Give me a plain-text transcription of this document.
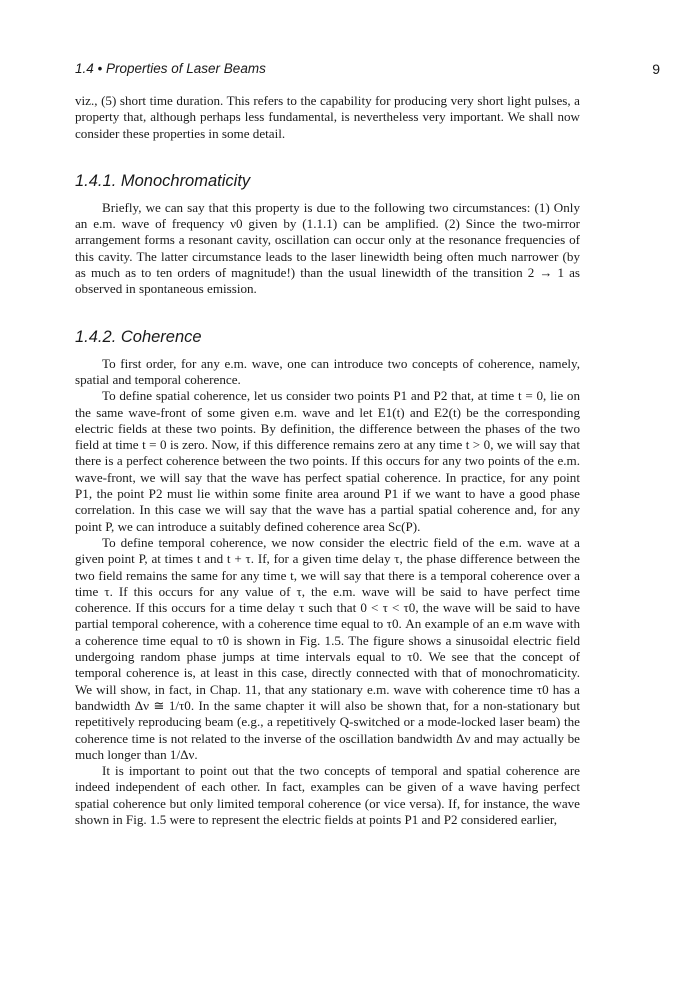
1.4 • Properties of Laser Beams	9

viz., (5) short time duration. This refers to the capability for producing very short light pulses, a property that, although perhaps less fundamental, is nevertheless very important. We shall now consider these properties in some detail.

1.4.1. Monochromaticity

Briefly, we can say that this property is due to the following two circumstances: (1) Only an e.m. wave of frequency ν0 given by (1.1.1) can be amplified. (2) Since the two-mirror arrangement forms a resonant cavity, oscillation can occur only at the resonance frequencies of this cavity. The latter circumstance leads to the laser linewidth being often much narrower (by as much as to ten orders of magnitude!) than the usual linewidth of the transition 2 → 1 as observed in spontaneous emission.

1.4.2. Coherence

To first order, for any e.m. wave, one can introduce two concepts of coherence, namely, spatial and temporal coherence.

To define spatial coherence, let us consider two points P1 and P2 that, at time t = 0, lie on the same wave-front of some given e.m. wave and let E1(t) and E2(t) be the corresponding electric fields at these two points. By definition, the difference between the phases of the two field at time t = 0 is zero. Now, if this difference remains zero at any time t > 0, we will say that there is a perfect coherence between the two points. If this occurs for any two points of the e.m. wave-front, we will say that the wave has perfect spatial coherence. In practice, for any point P1, the point P2 must lie within some finite area around P1 if we want to have a good phase correlation. In this case we will say that the wave has a partial spatial coherence and, for any point P, we can introduce a suitably defined coherence area Sc(P).

To define temporal coherence, we now consider the electric field of the e.m. wave at a given point P, at times t and t + τ. If, for a given time delay τ, the phase difference between the two field remains the same for any time t, we will say that there is a temporal coherence over a time τ. If this occurs for any value of τ, the e.m. wave will be said to have perfect time coherence. If this occurs for a time delay τ such that 0 < τ < τ0, the wave will be said to have partial temporal coherence, with a coherence time equal to τ0. An example of an e.m wave with a coherence time equal to τ0 is shown in Fig. 1.5. The figure shows a sinusoidal electric field undergoing random phase jumps at time intervals equal to τ0. We see that the concept of temporal coherence is, at least in this case, directly connected with that of monochromaticity. We will show, in fact, in Chap. 11, that any stationary e.m. wave with coherence time τ0 has a bandwidth Δν ≅ 1/τ0. In the same chapter it will also be shown that, for a non-stationary but repetitively reproducing beam (e.g., a repetitively Q-switched or a mode-locked laser beam) the coherence time is not related to the inverse of the oscillation bandwidth Δν and may actually be much longer than 1/Δν.

It is important to point out that the two concepts of temporal and spatial coherence are indeed independent of each other. In fact, examples can be given of a wave having perfect spatial coherence but only limited temporal coherence (or vice versa). If, for instance, the wave shown in Fig. 1.5 were to represent the electric fields at points P1 and P2 considered earlier,
